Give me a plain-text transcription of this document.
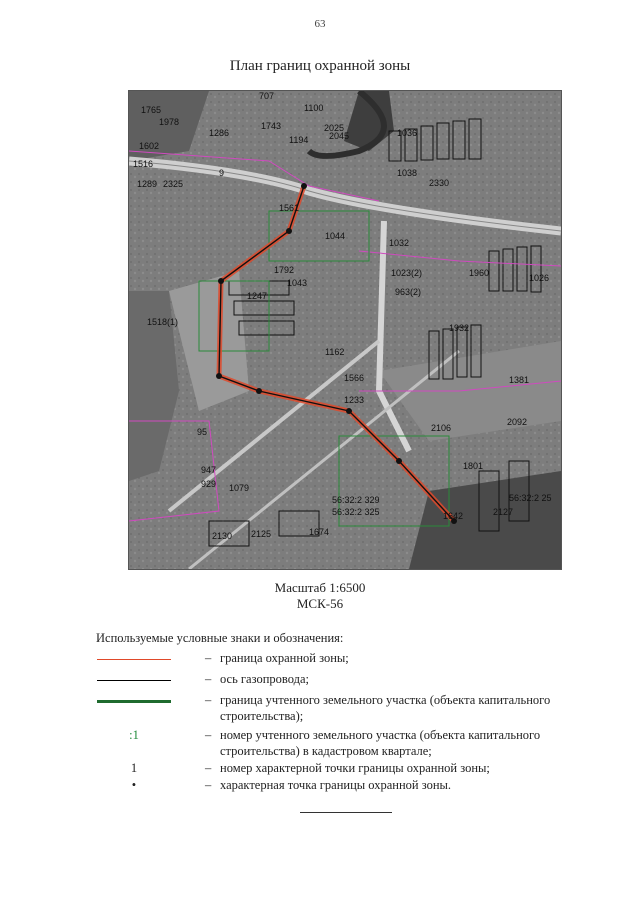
63
План границ охранной зоны
707
1100
1765
1978
1602
1286
1743
1194
2025
2045
1516
1289 2325
1036
1038
9
2330
1561
1044
1792
1043
1247
1518(1)
1032
1023(2)
963(2)
1960	1026
1932
1162
1566
1233
1381
2106
2092
1801
56:32:2 329
56:32:2 325
56:32:2 25
1642	2127
2130 2125	1674
947
929 1079
95
Масштаб 1:6500
МСК-56
Используемые условные знаки и обозначения:
– граница охранной зоны;
– ось газопровода;
– граница учтенного земельного участка (объекта капитального строительства);
:1	– номер учтенного земельного участка (объекта капитального строительства) в кадастровом квартале;
1	– номер характерной точки границы охранной зоны;
•	– характерная точка границы охранной зоны.
